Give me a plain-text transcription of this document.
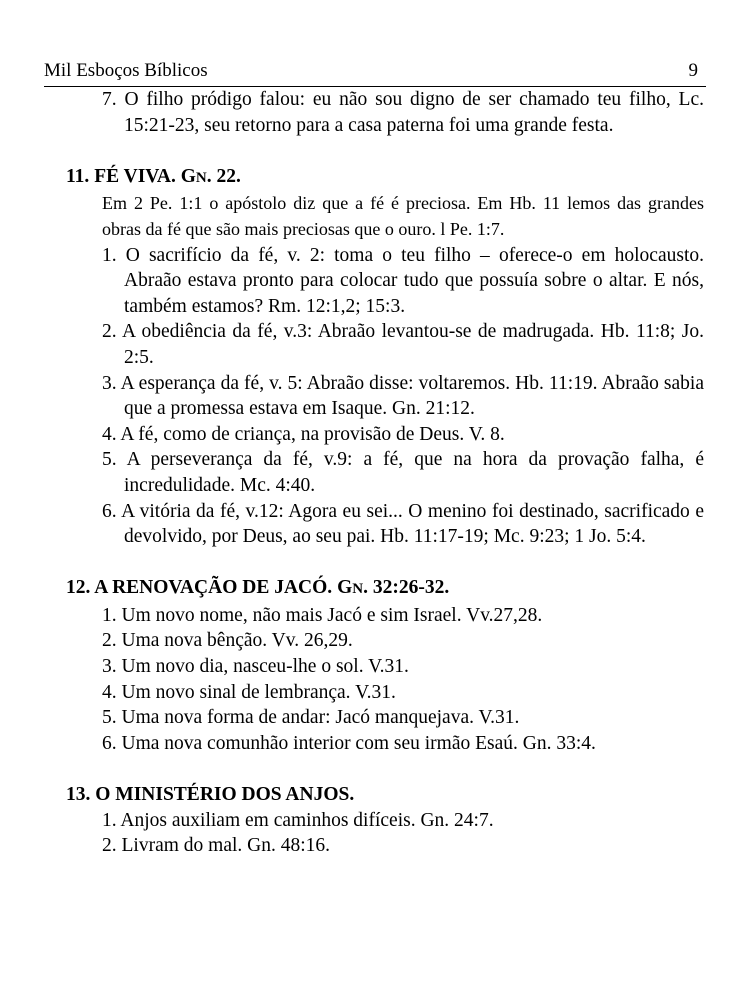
Mil Esboços Bíblicos	9
7. O filho pródigo falou: eu não sou digno de ser chamado teu filho, Lc. 15:21-23, seu retorno para a casa paterna foi uma grande festa.
11. FÉ VIVA. GN. 22.
Em 2 Pe. 1:1 o apóstolo diz que a fé é preciosa. Em Hb. 11 lemos das grandes obras da fé que são mais preciosas que o ouro. l Pe. 1:7.
1. O sacrifício da fé, v. 2: toma o teu filho – oferece-o em holocausto. Abraão estava pronto para colocar tudo que possuía sobre o altar. E nós, também estamos? Rm. 12:1,2; 15:3.
2. A obediência da fé, v.3: Abraão levantou-se de madrugada. Hb. 11:8; Jo. 2:5.
3. A esperança da fé, v. 5: Abraão disse: voltaremos. Hb. 11:19. Abraão sabia que a promessa estava em Isaque. Gn. 21:12.
4. A fé, como de criança, na provisão de Deus. V. 8.
5. A perseverança da fé, v.9: a fé, que na hora da provação falha, é incredulidade. Mc. 4:40.
6. A vitória da fé, v.12: Agora eu sei... O menino foi destinado, sacrificado e devolvido, por Deus, ao seu pai. Hb. 11:17-19; Mc. 9:23; 1 Jo. 5:4.
12. A RENOVAÇÃO DE JACÓ. GN. 32:26-32.
1. Um novo nome, não mais Jacó e sim Israel. Vv.27,28.
2. Uma nova bênção. Vv. 26,29.
3. Um novo dia, nasceu-lhe o sol. V.31.
4. Um novo sinal de lembrança. V.31.
5. Uma nova forma de andar: Jacó manquejava. V.31.
6. Uma nova comunhão interior com seu irmão Esaú. Gn. 33:4.
13. O MINISTÉRIO DOS ANJOS.
1. Anjos auxiliam em caminhos difíceis. Gn. 24:7.
2. Livram do mal. Gn. 48:16.
